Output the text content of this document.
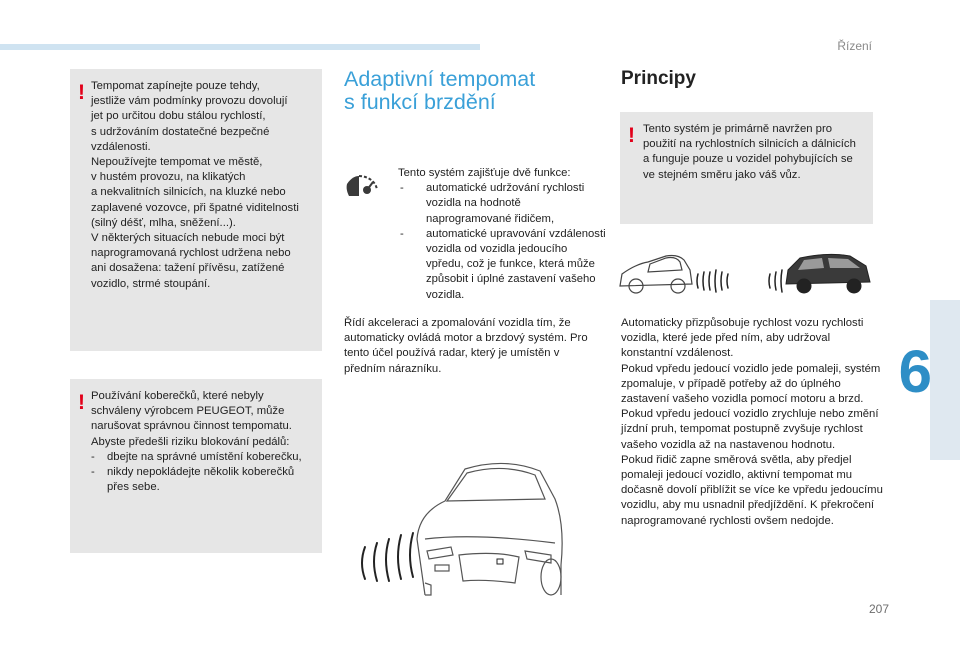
Řízení
6
207
! Tempomat zapínejte pouze tehdy,
jestliže vám podmínky provozu dovolují
jet po určitou dobu stálou rychlostí,
s udržováním dostatečné bezpečné
vzdálenosti.
Nepoužívejte tempomat ve městě,
v hustém provozu, na klikatých
a nekvalitních silnicích, na kluzké nebo
zaplavené vozovce, při špatné viditelnosti
(silný déšť, mlha, sněžení...).
V některých situacích nebude moci být
naprogramovaná rychlost udržena nebo
ani dosažena: tažení přívěsu, zatížené
vozidlo, strmé stoupání.

! Používání koberečků, které nebyly
schváleny výrobcem PEUGEOT, může
narušovat správnou činnost tempomatu.
Abyste předešli riziku blokování pedálů:

- dbejte na správné umístění koberečku,
- nikdy nepokládejte několik koberečků přes sebe.
Adaptivní tempomat
s funkcí brzdění

Tento systém zajišťuje dvě funkce:

- automatické udržování rychlosti vozidla na hodnotě naprogramované řidičem,
- automatické upravování vzdálenosti vozidla od vozidla jedoucího vpředu, což je funkce, která může způsobit i úplné zastavení vašeho vozidla.

Řídí akceleraci a zpomalování vozidla tím, že automaticky ovládá motor a brzdový systém. Pro tento účel používá radar, který je umístěn v předním nárazníku.

Principy
! Tento systém je primárně navržen pro
použití na rychlostních silnicích a dálnicích
a funguje pouze u vozidel pohybujících se
ve stejném směru jako váš vůz.

Automaticky přizpůsobuje rychlost vozu rychlosti vozidla, které jede před ním, aby udržoval konstantní vzdálenost.
Pokud vpředu jedoucí vozidlo jede pomaleji, systém zpomaluje, v případě potřeby až do úplného zastavení vašeho vozidla pomocí motoru a brzd.
Pokud vpředu jedoucí vozidlo zrychluje nebo změní jízdní pruh, tempomat postupně zvyšuje rychlost vašeho vozidla až na nastavenou hodnotu.
Pokud řidič zapne směrová světla, aby předjel pomaleji jedoucí vozidlo, aktivní tempomat mu dočasně dovolí přiblížit se více ke vpředu jedoucímu vozidlu, aby mu usnadnil předjíždění. K překročení naprogramované rychlosti ovšem nedojde.
